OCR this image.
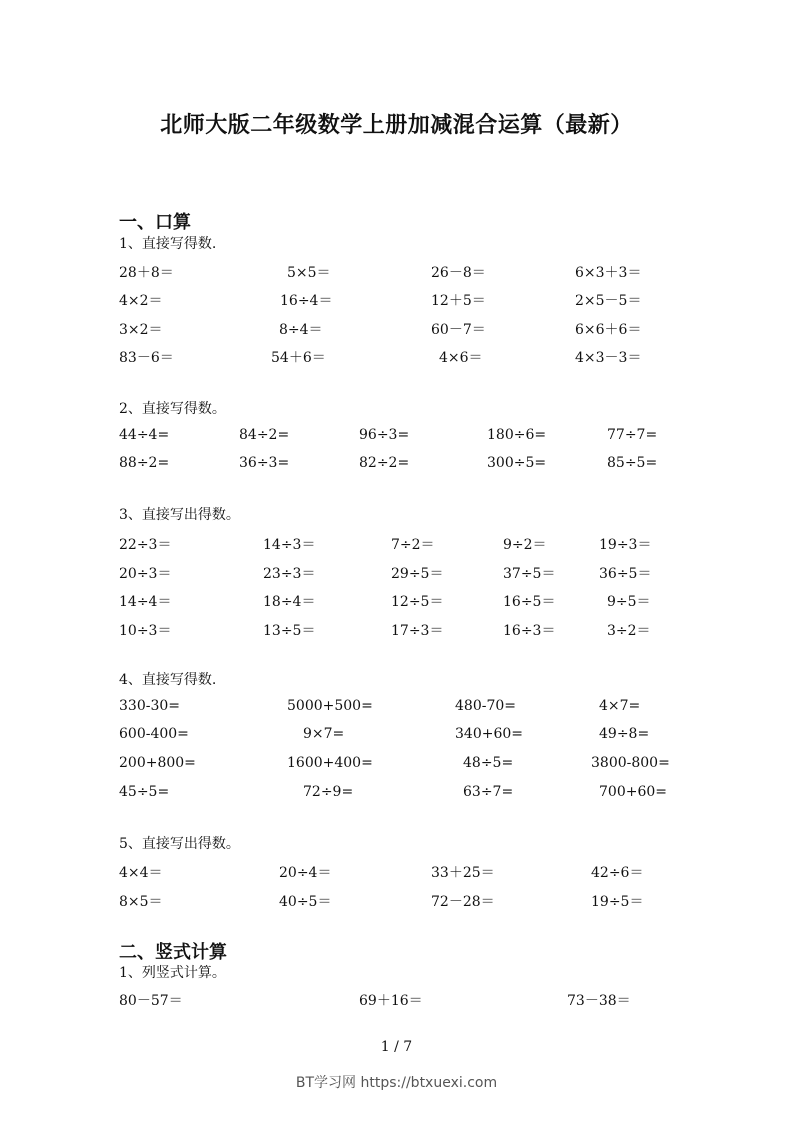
北师大版二年级数学上册加减混合运算（最新）
一、口算
1、直接写得数.
28＋8＝	5×5＝	26－8＝	6×3＋3＝
4×2＝	16÷4＝	12＋5＝	2×5－5＝
3×2＝	8÷4＝	60－7＝	6×6＋6＝
83－6＝	54＋6＝	4×6＝	4×3－3＝
2、直接写得数。
44÷4=	84÷2=	96÷3=	180÷6=	77÷7=
88÷2=	36÷3=	82÷2=	300÷5=	85÷5=
3、直接写出得数。
22÷3＝	14÷3＝	7÷2＝	9÷2＝	19÷3＝
20÷3＝	23÷3＝	29÷5＝	37÷5＝	36÷5＝
14÷4＝	18÷4＝	12÷5＝	16÷5＝	9÷5＝
10÷3＝	13÷5＝	17÷3＝	16÷3＝	3÷2＝
4、直接写得数.
330-30=	5000+500=	480-70=	4×7=
600-400=	9×7=	340+60=	49÷8=
200+800=	1600+400=	48÷5=	3800-800=
45÷5=	72÷9=	63÷7=	700+60=
5、直接写出得数。
4×4＝	20÷4＝	33＋25＝	42÷6＝
8×5＝	40÷5＝	72－28＝	19÷5＝
二、竖式计算
1、列竖式计算。
80－57＝	69＋16＝	73－38＝
1 / 7
BT学习网 https://btxuexi.com
